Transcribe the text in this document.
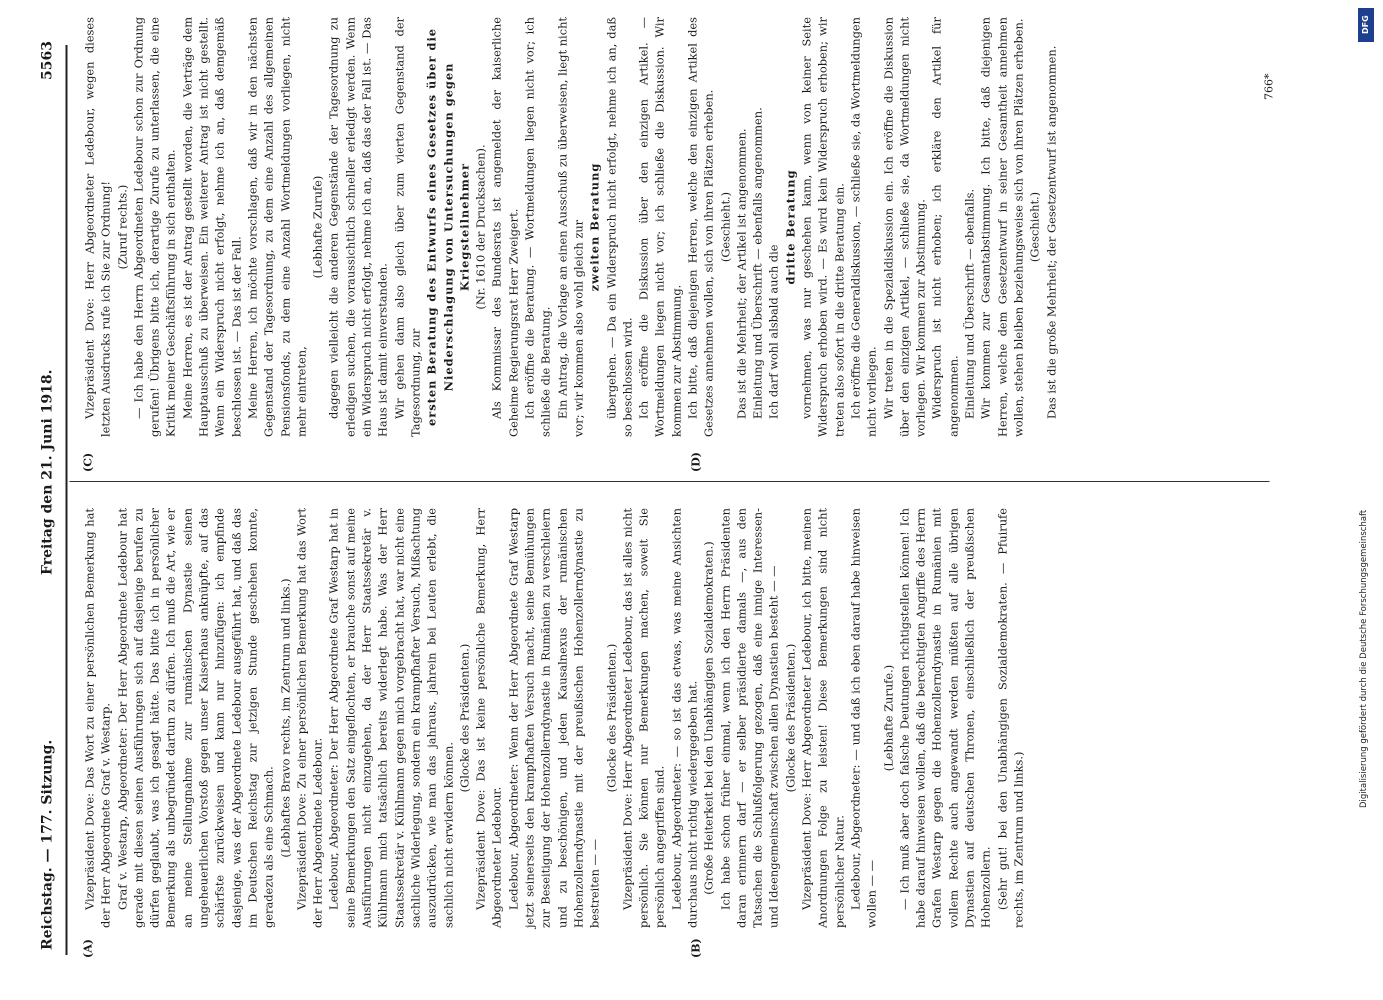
Reichstag. — 177. Sitzung.
Freitag den 21. Juni 1918.
5563
(A)	(B)
(C)	(D)

Vizepräsident Dove: Das Wort zu einer persönlichen Bemerkung hat der Herr Abgeordnete Graf v. Westarp. Graf v. Westarp, Abgeordneter: Der Herr Abgeordnete Ledebour hat gerade mit diesen seinen Ausführungen sich auf dasjenige berufen zu dürfen geglaubt, was ich gesagt hätte. Das bitte ich in persönlicher Bemerkung als unbegründet dartun zu dürfen. Ich muß die Art, wie er an meine Stellungnahme zur rumänischen Dynastie seinen ungeheuerlichen Vorstoß gegen unser Kaiserhaus anknüpfte, auf das schärfste zurückweisen und kann nur hinzufügen: ich empfinde dasjenige, was der Abgeordnete Ledebour ausgeführt hat, und daß das im Deutschen Reichstag zur jetzigen Stunde geschehen konnte, geradezu als eine Schmach. (Lebhaftes Bravo rechts, im Zentrum und links.) Vizepräsident Dove: Zu einer persönlichen Bemerkung hat das Wort der Herr Abgeordnete Ledebour. Ledebour, Abgeordneter: Der Herr Abgeordnete Graf Westarp hat in seine Bemerkungen den Satz eingeflochten, er brauche sonst auf meine Ausführungen nicht einzugehen, da der Herr Staatssekretär v. Kühlmann mich tatsächlich bereits widerlegt habe. Was der Herr Staatssekretär v. Kühlmann gegen mich vorgebracht hat, war nicht eine sachliche Widerlegung, sondern ein krampfhafter Versuch, Mißachtung auszudrücken, wie man das jahraus, jahrein bei Leuten erlebt, die sachlich nicht erwidern können.

(Glocke des Präsidenten.) Vizepräsident Dove: Das ist keine persönliche Bemerkung, Herr Abgeordneter Ledebour. Ledebour, Abgeordneter: Wenn der Herr Abgeordnete Graf Westarp jetzt seinerseits den krampfhaften Versuch macht, seine Bemühungen zur Beseitigung der Hohenzollerndynastie in Rumänien zu verschleiern und zu beschönigen, und jeden Kausalnexus der rumänischen Hohenzollerndynastie mit der preußischen Hohenzollerndynastie zu bestreiten — —

(Glocke des Präsidenten.) Vizepräsident Dove: Herr Abgeordneter Ledebour, das ist alles nicht persönlich. Sie können nur Bemerkungen machen, soweit Sie persönlich angegriffen sind. Ledebour, Abgeordneter: — so ist das etwas, was meine Ansichten durchaus nicht richtig wiedergegeben hat. (Große Heiterkeit bei den Unabhängigen Sozialdemokraten.) Ich habe schon früher einmal, wenn ich den Herrn Präsidenten daran erinnern darf — er selber präsidierte damals —, aus den Tatsachen die Schlußfolgerung gezogen, daß eine innige Interessen- und Ideengemeinschaft zwischen allen Dynastien besteht — — (Glocke des Präsidenten.) Vizepräsident Dove: Herr Abgeordneter Ledebour, ich bitte, meinen Anordnungen Folge zu leisten! Diese Bemerkungen sind nicht persönlicher Natur. Ledebour, Abgeordneter: — und daß ich eben darauf habe hinweisen wollen — —

(Lebhafte Zurufe.) — Ich muß aber doch falsche Deutungen richtigstellen können! Ich habe darauf hinweisen wollen, daß die berechtigten Angriffe des Herrn Grafen Westarp gegen die Hohenzollerndynastie in Rumänien mit vollem Rechte auch angewandt werden müßten auf alle übrigen Dynastien auf deutschen Thronen, einschließlich der preußischen Hohenzollern. (Sehr gut! bei den Unabhängigen Sozialdemokraten. — Pfuirufe rechts, im Zentrum und links.)

Vizepräsident Dove: Herr Abgeordneter Ledebour, wegen dieses letzten Ausdrucks rufe ich Sie zur Ordnung! (Zuruf rechts.) — Ich habe den Herrn Abgeordneten Ledebour schon zur Ordnung gerufen! Übrigens bitte ich, derartige Zurufe zu unterlassen, die eine Kritik meiner Geschäftsführung in sich enthalten. Meine Herren, es ist der Antrag gestellt worden, die Verträge dem Hauptausschuß zu überweisen. Ein weiterer Antrag ist nicht gestellt. Wenn ein Widerspruch nicht erfolgt, nehme ich an, daß demgemäß beschlossen ist. — Das ist der Fall. Meine Herren, ich möchte vorschlagen, daß wir in den nächsten Gegenstand der Tagesordnung, zu dem eine Anzahl des allgemeinen Pensionsfonds, zu dem eine Anzahl Wortmeldungen vorliegen, nicht mehr eintreten,

(Lebhafte Zurufe) dagegen vielleicht die anderen Gegenstände der Tagesordnung zu erledigen suchen, die voraussichtlich schneller erledigt werden. Wenn ein Widerspruch nicht erfolgt, nehme ich an, daß das der Fall ist. — Das Haus ist damit einverstanden. Wir gehen dann also gleich über zum vierten Gegenstand der Tagesordnung, zur ersten Beratung des Entwurfs eines Gesetzes über die Niederschlagung von Untersuchungen gegen Kriegsteilnehmer (Nr. 1610 der Drucksachen). Als Kommissar des Bundesrats ist angemeldet der kaiserliche Geheime Regierungsrat Herr Zweigert. Ich eröffne die Beratung. — Wortmeldungen liegen nicht vor; ich schließe die Beratung. Ein Antrag, die Vorlage an einen Ausschuß zu überweisen, liegt nicht vor; wir kommen also wohl gleich zur zweiten Beratung übergehen. — Da ein Widerspruch nicht erfolgt, nehme ich an, daß so beschlossen wird. Ich eröffne die Diskussion über den einzigen Artikel. — Wortmeldungen liegen nicht vor; ich schließe die Diskussion. Wir kommen zur Abstimmung. Ich bitte, daß diejenigen Herren, welche den einzigen Artikel des Gesetzes annehmen wollen, sich von ihren Plätzen erheben. (Geschieht.) Das ist die Mehrheit; der Artikel ist angenommen. Einleitung und Überschrift — ebenfalls angenommen. Ich darf wohl alsbald auch die

dritte Beratung vornehmen, was nur geschehen kann, wenn von keiner Seite Widerspruch erhoben wird. — Es wird kein Widerspruch erhoben; wir treten also sofort in die dritte Beratung ein. Ich eröffne die Generaldiskussion, — schließe sie, da Wortmeldungen nicht vorliegen. Wir treten in die Spezialdiskussion ein. Ich eröffne die Diskussion über den einzigen Artikel, — schließe sie, da Wortmeldungen nicht vorliegen. Wir kommen zur Abstimmung. Widerspruch ist nicht erhoben; ich erkläre den Artikel für angenommen. Einleitung und Überschrift — ebenfalls. Wir kommen zur Gesamtabstimmung. Ich bitte, daß diejenigen Herren, welche dem Gesetzentwurf in seiner Gesamtheit annehmen wollen, stehen bleiben beziehungsweise sich von ihren Plätzen erheben. (Geschieht.) Das ist die große Mehrheit; der Gesetzentwurf ist angenommen.	766*
DFG
Digitalisierung gefördert durch die Deutsche Forschungsgemeinschaft
